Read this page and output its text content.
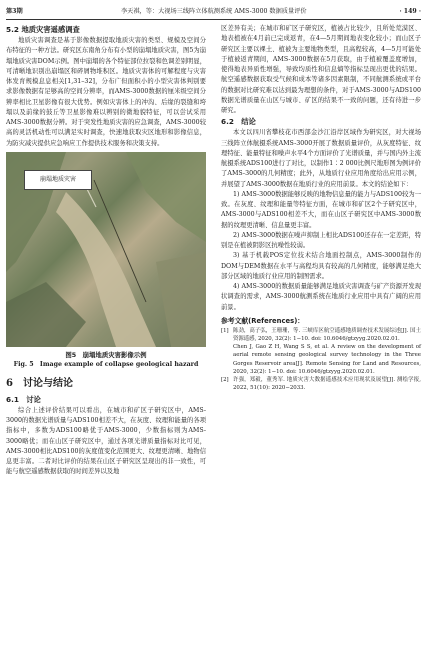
第3期	李天祺，等：大视场三线阵立体航测系统 AMS-3000 数据质量评价	· 149 ·
5.2 地质灾害遥感调查

地质灾害调查是基于影像数据提取地质灾害的类型、规模及空间分布特征的一种方法。研究区东南角分布有小型的崩塌地质灾害，图5为崩塌地质灾害DOM示例。图中崩塌的各个特征部位拉裂和色调差别明显，可清晰地识别出崩塌区和碎屑物堆积区。地质灾害体的可解程度与灾害体发育规模息息相关[1,31–32]，分布广但面积小的小型灾害体判别要求影像数据有足够高的空间分辨率，而AMS-3000数据的厘米级空间分辨率相比卫星影像有很大优势。例如灾害体上的冲沟、后缘的裂缝和垮塌以及前缘的鼓丘等卫星影像难以辨别的微地貌特征，可以尝试采用AMS-3000数据分辨。对于突发性地质灾害的应急调查，AMS-3000较高的灵活机动性可以满足实时调查，快速地获取灾区地形和影像信息，为防灾减灾提供应急响应工作提供技术服务和决策支持。

崩塌地质灾害
图5　崩塌地质灾害影像示例
Fig. 5　Image example of collapse geological hazard
6　讨论与结论
6.1　讨论

综合上述评价结果可以看出，在城市和矿区子研究区中，AMS-3000的数据光谱质量与ADS100相差不大，在灰度、纹理和能量的各项指标中，多数为ADS100略优于AMS-3000，少数指标则为AMS-3000略优；而在山区子研究区中，通过各项光谱质量指标对比可见，AMS-3000相比ADS100的灰度值变化范围更大、纹理更清晰、地物信息更丰富。二者对比评价的结果在山区子研究区呈现出的非一致性，可能与航空遥感数据获取的时间差异以及地

区差异有关；在城市和矿区子研究区，植被占比较少，且所处荒漠区、地表植被在4月前已完成返青，在4—5月期间地表变化较小；而山区子研究区主要以裸土、植被为主要地物类型，且高程较高，4—5月可能处于植被返青期间，AMS-3000数据在5月获取，由于植被覆盖度增加，使得地表异质性增强，导致均质性和信息熵等指标呈现出更优的结果。航空遥感数据获取受气候和成本等诸多因素限制，不同航测系统或平台的数据对比研究难以达到最为理想的条件，对于AMS-3000与ADS100数据光谱质量在山区与城市、矿区的结果不一致的问题，还有待进一步研究。

6.2　结论

本文以四川省攀枝花市西部金沙江沿岸区域作为研究区，对大视场三线阵立体航摄系统AMS-3000开展了数据质量评价，从灰度特征、纹理特征、能量特征和噪声水平4个方面评价了光谱质量，并与国内外主流航摄系统ADS100进行了对比，以制作1∶2 000比例尺地形图为例评价了AMS-3000的几何精度；此外，从地质行业应用角度给出应用示例，并展望了AMS-3000数据在地质行业的应用前景。本文的结论如下：

1) AMS-3000数据能够反映的地物信息量的能力与ADS100较为一致。在灰度、纹理和能量等特征方面，在城市和矿区2个子研究区中，AMS-3000与ADS100相差不大，而在山区子研究区中AMS-3000数据的纹理更清晰、信息量更丰富。

2) AMS-3000数据在噪声抑制上相比ADS100还存在一定差距，特别是在植被阴影区抗噪性较弱。

3) 基于机载POS定位技术结合地面控制点，AMS-3000制作的DOM与DEM数据在水平与高程均具有较高的几何精度，能够满足绝大部分区域的地质行业应用的制图需求。

4) AMS-3000的数据质量能够满足地质灾害调查与矿产资源开发现状调查的需求，AMS-3000航测系统在地质行业应用中具有广阔的应用前景。

参考文献(References)：

[1] 陈劲，高子弘，王珊珊，等. 三峡库区航空遥感地质调查技术发展综述[J]. 国土资源遥感, 2020, 32(2): 1−10. doi: 10.6046/gtzyyg.2020.02.01.

Chen J, Gao Z H, Wang S S, et al. A review on the development of aerial remote sensing geological survey technology in the Three Gorges Reservoir area[J]. Remote Sensing for Land and Resources, 2020, 32(2): 1−10. doi: 10.6046/gtzyyg.2020.02.01.

[2] 许强，郑毅，董秀军. 地质灾害大数据遥感技术应用现状及展望[J]. 测绘学报, 2022, 51(10): 2020−2033.
